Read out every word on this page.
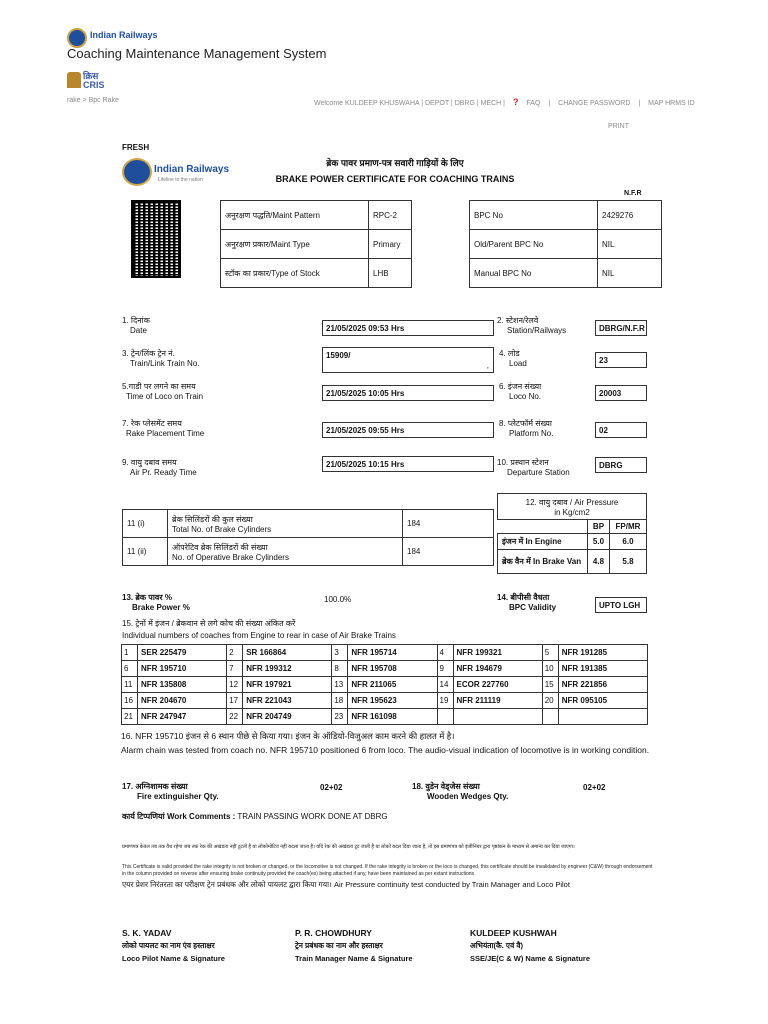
Indian Railways
Coaching Maintenance Management System
क्रिस
CRIS
rake > Bpc Rake	Welcome KULDEEP KHUSWAHA | DEPOT | DBRG | MECH | ? FAQ | CHANGE PASSWORD | MAP HRMS ID
PRINT
FRESH
Indian Railways
Lifeline to the nation
ब्रेक पावर प्रमाण-पत्र सवारी गाड़ियों के लिए
BRAKE POWER CERTIFICATE FOR COACHING TRAINS
N.F.R
अनुरक्षण पद्धति/Maint Pattern	RPC-2
अनुरक्षण प्रकार/Maint Type	Primary
स्टॉक का प्रकार/Type of Stock	LHB
BPC No	2429276
Old/Parent BPC No	NIL
Manual BPC No	NIL
1. दिनांक
Date	21/05/2025 09:53 Hrs
2. स्टेशन/रेलवे
Station/Railways	DBRG/N.F.R
3. ट्रेन/लिंक ट्रेन नं.
Train/Link Train No.
15909/
,
4. लोड
Load	23
5.गाडी पर लगने का समय
Time of Loco on Train	21/05/2025 10:05 Hrs
6. इंजन संख्या
Loco No.	20003
7. रेक प्लेसमेंट समय
Rake Placement Time	21/05/2025 09:55 Hrs
8. प्लेटफॉर्म संख्या
Platform No.	02
9. वायु दबाव समय
Air Pr. Ready Time
21/05/2025 10:15 Hrs	10. प्रस्थान स्टेशन
Departure Station
DBRG
11 (i)	ब्रेक सिलिंडरों की कुल संख्या
Total No. of Brake Cylinders	184
11 (ii)	ऑपरेटिव ब्रेक सिलिंडरों की संख्या
No. of Operative Brake Cylinders	184
12. वायु दबाव / Air Pressure
in Kg/cm2		

	BP	FP/MR
इंजन में In Engine	5.0	6.0
ब्रेक वैन में In Brake Van	4.8	5.8
13. ब्रेक पावर %
Brake Power %
100.0%	14. बीपीसी वैधता
BPC Validity	UPTO LGH
15. ट्रेनों में इंजन / ब्रेकवान से लगे कोच की संख्या अंकित करें
Individual numbers of coaches from Engine to rear in case of Air Brake Trains
1	SER 225479	2	SR 166864	3	NFR 195714	4	NFR 199321	5	NFR 191285
6	NFR 195710	7	NFR 199312	8	NFR 195708	9	NFR 194679	10	NFR 191385
11	NFR 135808	12	NFR 197921	13	NFR 211065	14	ECOR 227760	15	NFR 221856
16	NFR 204670	17	NFR 221043	18	NFR 195623	19	NFR 211119	20	NFR 095105
21	NFR 247947	22	NFR 204749	23	NFR 161098				
16. NFR 195710 इंजन से 6 स्थान पीछे से किया गया। इंजन के ऑडियो-विजुअल काम करने की हालत में है।
Alarm chain was tested from coach no. NFR 195710 positioned 6 from loco. The audio-visual indication of locomotive is in working condition.
17. अग्निशामक संख्या
Fire extinguisher Qty.
02+02	18. वुडेन वेड्जेस संख्या
Wooden Wedges Qty.
02+02
कार्य टिप्पणियां Work Comments : TRAIN PASSING WORK DONE AT DBRG
प्रमाणपत्र केवल तब तक वैध रहेगा जब तक रेक की अखंडता नहीं टूटती है या लोकोमोटिव नहीं बदला जाता है। यदि रेक की अखंडता टूट जाती है या लोको बदल दिया जाता है, तो इस प्रमाणपत्र को इंजीनियर द्वारा पृष्ठांकन के माध्यम से अमान्य कर दिया जाएगा।
This Certificate is valid provided the rake integrity is not broken or changed, or the locomotive is not changed. If the rake integrity is broken or the loco is changed, this certificate should be invalidated by engineer (C&W) through endorsement in the column provided on reverse after ensuring brake continuity provided the coach(es) being attached if any, have been maintained as per extant instructions
एयर प्रेशर निरंतरता का परीक्षण ट्रेन प्रबंधक और लोको पायलट द्वारा किया गया। Air Pressure continuity test conducted by Train Manager and Loco Pilot
S. K. YADAV
लोको पायलट का नाम एंव हस्ताक्षर
Loco Pilot Name & Signature
P. R. CHOWDHURY
ट्रेन प्रबंधक का नाम और हस्ताक्षर
Train Manager Name & Signature
KULDEEP KUSHWAH
अभियंता(कै. एवं वै)
SSE/JE(C & W) Name & Signature
